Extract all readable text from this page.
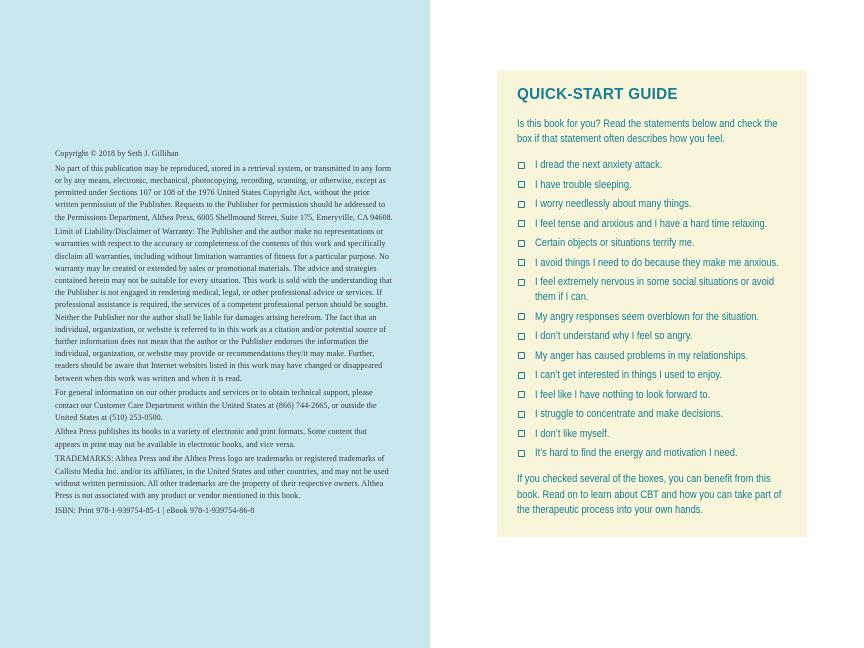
Copyright © 2018 by Seth J. Gillihan

No part of this publication may be reproduced, stored in a retrieval system, or transmitted in any form or by any means, electronic, mechanical, photocopying, recording, scanning, or otherwise, except as permitted under Sections 107 or 108 of the 1976 United States Copyright Act, without the prior written permission of the Publisher. Requests to the Publisher for permission should be addressed to the Permissions Department, Althea Press, 6005 Shellmound Street, Suite 175, Emeryville, CA 94608.

Limit of Liability/Disclaimer of Warranty: The Publisher and the author make no representations or warranties with respect to the accuracy or completeness of the contents of this work and specifically disclaim all warranties, including without limitation warranties of fitness for a particular purpose. No warranty may be created or extended by sales or promotional materials. The advice and strategies contained herein may not be suitable for every situation. This work is sold with the understanding that the Publisher is not engaged in rendering medical, legal, or other professional advice or services. If professional assistance is required, the services of a competent professional person should be sought. Neither the Publisher nor the author shall be liable for damages arising herefrom. The fact that an individual, organization, or website is referred to in this work as a citation and/or potential source of further information does not mean that the author or the Publisher endorses the information the individual, organization, or website may provide or recommendations they/it may make. Further, readers should be aware that Internet websites listed in this work may have changed or disappeared between when this work was written and when it is read.

For general information on our other products and services or to obtain technical support, please contact our Customer Care Department within the United States at (866) 744-2665, or outside the United States at (510) 253-0500.

Althea Press publishes its books in a variety of electronic and print formats. Some content that appears in print may not be available in electronic books, and vice versa.

TRADEMARKS: Althea Press and the Althea Press logo are trademarks or registered trademarks of Callisto Media Inc. and/or its affiliates, in the United States and other countries, and may not be used without written permission. All other trademarks are the property of their respective owners. Althea Press is not associated with any product or vendor mentioned in this book.

ISBN: Print 978-1-939754-85-1 | eBook 978-1-939754-86-8

QUICK-START GUIDE
Is this book for you? Read the statements below and check the box if that statement often describes how you feel.
I dread the next anxiety attack.
I have trouble sleeping.
I worry needlessly about many things.
I feel tense and anxious and I have a hard time relaxing.
Certain objects or situations terrify me.
I avoid things I need to do because they make me anxious.
I feel extremely nervous in some social situations or avoid them if I can.
My angry responses seem overblown for the situation.
I don’t understand why I feel so angry.
My anger has caused problems in my relationships.
I can’t get interested in things I used to enjoy.
I feel like I have nothing to look forward to.
I struggle to concentrate and make decisions.
I don’t like myself.
It’s hard to find the energy and motivation I need.
If you checked several of the boxes, you can benefit from this book. Read on to learn about CBT and how you can take part of the therapeutic process into your own hands.
